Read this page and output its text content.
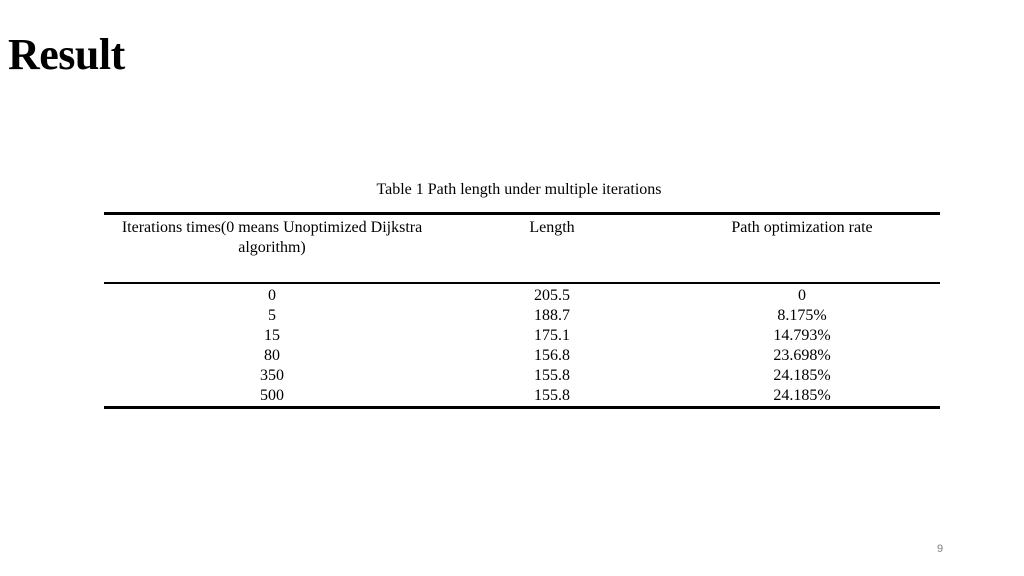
Result
Table 1 Path length under multiple iterations
Iterations times(0 means Unoptimized Dijkstra algorithm)	Length	Path optimization rate
0	205.5	0
5	188.7	8.175%
15	175.1	14.793%
80	156.8	23.698%
350	155.8	24.185%
500	155.8	24.185%
9
